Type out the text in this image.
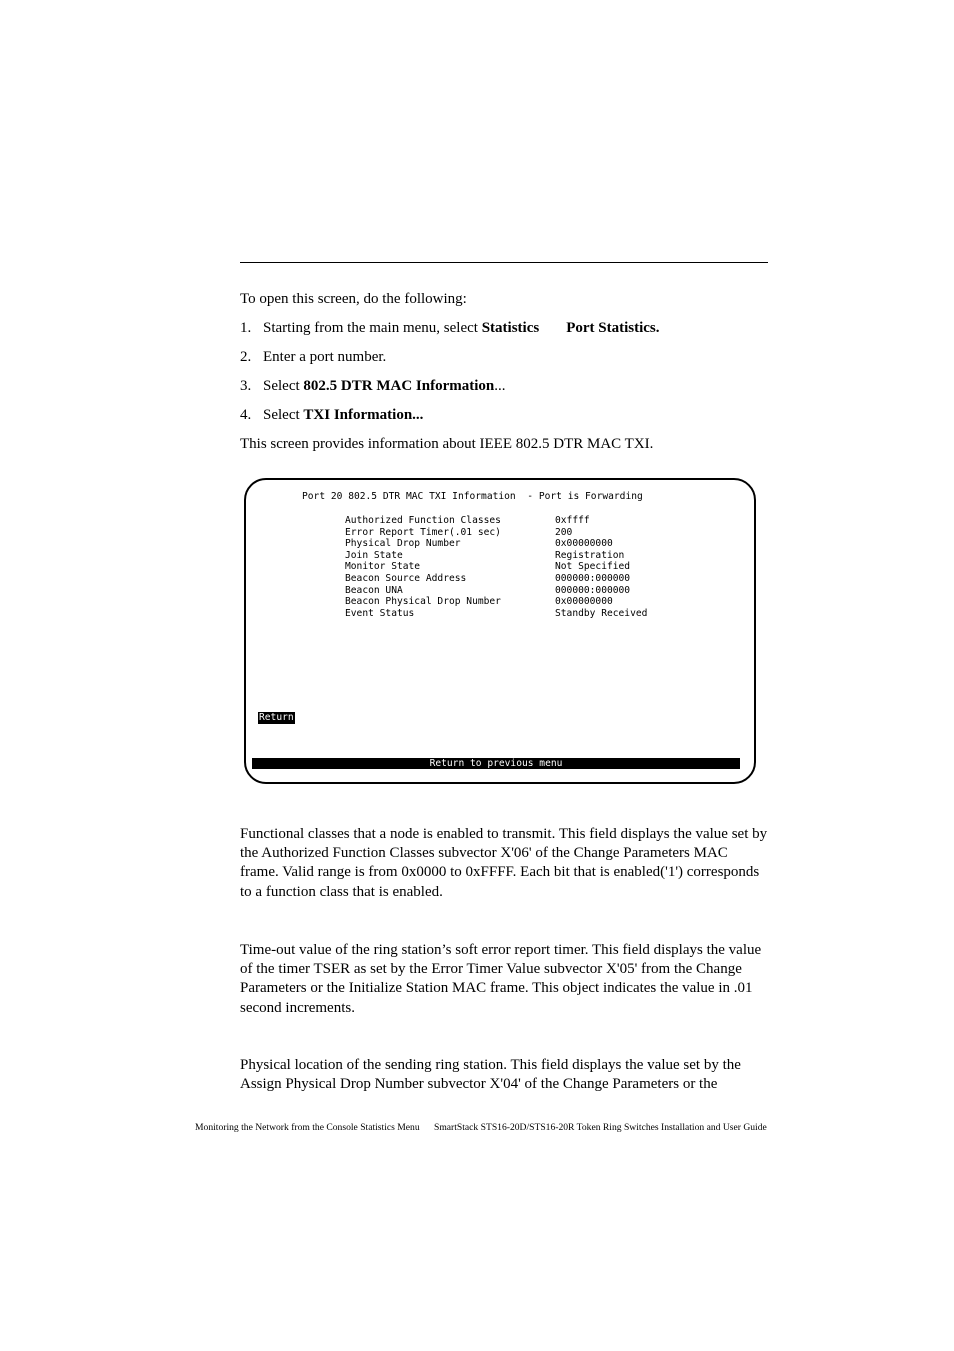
To open this screen, do the following:

1. Starting from the main menu, select Statistics Port Statistics.
2. Enter a port number.
3. Select 802.5 DTR MAC Information...
4. Select TXI Information...

This screen provides information about IEEE 802.5 DTR MAC TXI.

Port 20 802.5 DTR MAC TXI Information  - Port is Forwarding
Authorized Function Classes	0xffff
Error Report Timer(.01 sec)	200
Physical Drop Number	0x00000000
Join State	Registration
Monitor State	Not Specified
Beacon Source Address	000000:000000
Beacon UNA	000000:000000
Beacon Physical Drop Number	0x00000000
Event Status	Standby Received
Return
Return to previous menu

Functional classes that a node is enabled to transmit. This field displays the value set by the Authorized Function Classes subvector X'06' of the Change Parameters MAC frame. Valid range is from 0x0000 to 0xFFFF. Each bit that is enabled('1') corresponds to a function class that is enabled.

Time-out value of the ring station’s soft error report timer. This field displays the value of the timer TSER as set by the Error Timer Value subvector X'05' from the Change Parameters or the Initialize Station MAC frame. This object indicates the value in .01 second increments.

Physical location of the sending ring station. This field displays the value set by the Assign Physical Drop Number subvector X'04' of the Change Parameters or the

Monitoring the Network from the Console Statistics Menu SmartStack STS16-20D/STS16-20R Token Ring Switches Installation and User Guide
